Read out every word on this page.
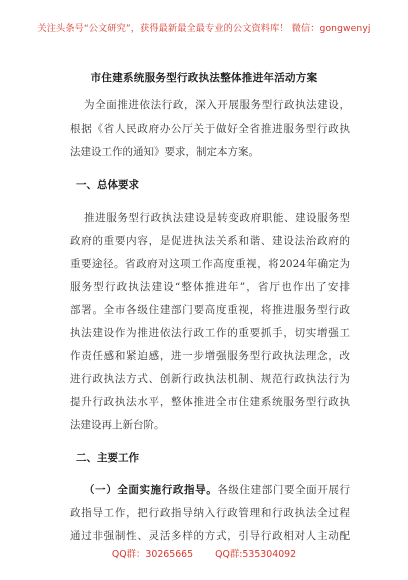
关注头条号“公文研究”，获得最新最全最专业的公文资料库！ 微信：gongwenyj
市住建系统服务型行政执法整体推进年活动方案
为全面推进依法行政，深入开展服务型行政执法建设，
根据《省人民政府办公厅关于做好全省推进服务型行政执
法建设工作的通知》要求，制定本方案。
一、总体要求
推进服务型行政执法建设是转变政府职能、建设服务型
政府的重要内容，是促进执法关系和谐、建设法治政府的
重要途径。省政府对这项工作高度重视，将2024年确定为
服务型行政执法建设“整体推进年”，省厅也作出了安排
部署。全市各级住建部门要高度重视，将推进服务型行政
执法建设作为推进依法行政工作的重要抓手，切实增强工
作责任感和紧迫感，进一步增强服务型行政执法理念，改
进行政执法方式、创新行政执法机制、规范行政执法行为
提升行政执法水平，整体推进全市住建系统服务型行政执
法建设再上新台阶。
二、主要工作
（一）全面实施行政指导。各级住建部门要全面开展行
政指导工作，把行政指导纳入行政管理和行政执法全过程
通过非强制性、灵活多样的方式，引导行政相对人主动配
QQ群：30265665 QQ群:535304092
